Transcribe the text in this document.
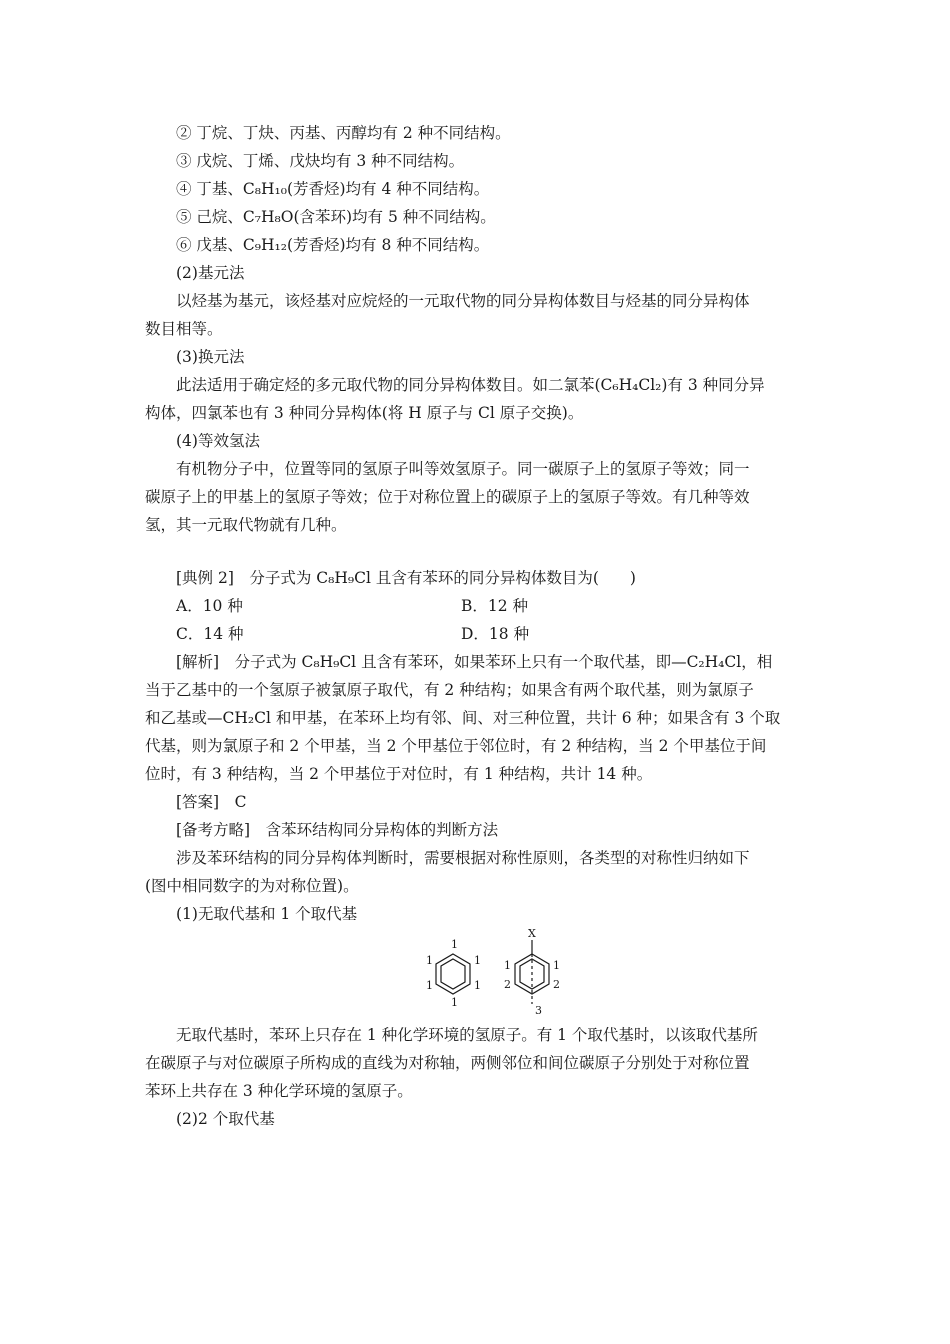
② 丁烷、丁炔、丙基、丙醇均有 2 种不同结构。
③ 戊烷、丁烯、戊炔均有 3 种不同结构。
④ 丁基、C₈H₁₀(芳香烃)均有 4 种不同结构。
⑤ 己烷、C₇H₈O(含苯环)均有 5 种不同结构。
⑥ 戊基、C₉H₁₂(芳香烃)均有 8 种不同结构。
(2)基元法
以烃基为基元，该烃基对应烷烃的一元取代物的同分异构体数目与烃基的同分异构体
数目相等。
(3)换元法
此法适用于确定烃的多元取代物的同分异构体数目。如二氯苯(C₆H₄Cl₂)有 3 种同分异
构体，四氯苯也有 3 种同分异构体(将 H 原子与 Cl 原子交换)。
(4)等效氢法
有机物分子中，位置等同的氢原子叫等效氢原子。同一碳原子上的氢原子等效；同一
碳原子上的甲基上的氢原子等效；位于对称位置上的碳原子上的氢原子等效。有几种等效
氢，其一元取代物就有几种。
[典例 2]　分子式为 C₈H₉Cl 且含有苯环的同分异构体数目为(　　)
A．10 种	B．12 种
C．14 种	D．18 种
[解析]　分子式为 C₈H₉Cl 且含有苯环，如果苯环上只有一个取代基，即—C₂H₄Cl，相
当于乙基中的一个氢原子被氯原子取代，有 2 种结构；如果含有两个取代基，则为氯原子
和乙基或—CH₂Cl 和甲基，在苯环上均有邻、间、对三种位置，共计 6 种；如果含有 3 个取
代基，则为氯原子和 2 个甲基，当 2 个甲基位于邻位时，有 2 种结构，当 2 个甲基位于间
位时，有 3 种结构，当 2 个甲基位于对位时，有 1 种结构，共计 14 种。
[答案]　C
[备考方略]　含苯环结构同分异构体的判断方法
涉及苯环结构的同分异构体判断时，需要根据对称性原则，各类型的对称性归纳如下
(图中相同数字的为对称位置)。
(1)无取代基和 1 个取代基
1
1
1
1
1
1
X
1
1
2
2
3
无取代基时，苯环上只存在 1 种化学环境的氢原子。有 1 个取代基时，以该取代基所
在碳原子与对位碳原子所构成的直线为对称轴，两侧邻位和间位碳原子分别处于对称位置
苯环上共存在 3 种化学环境的氢原子。
(2)2 个取代基
